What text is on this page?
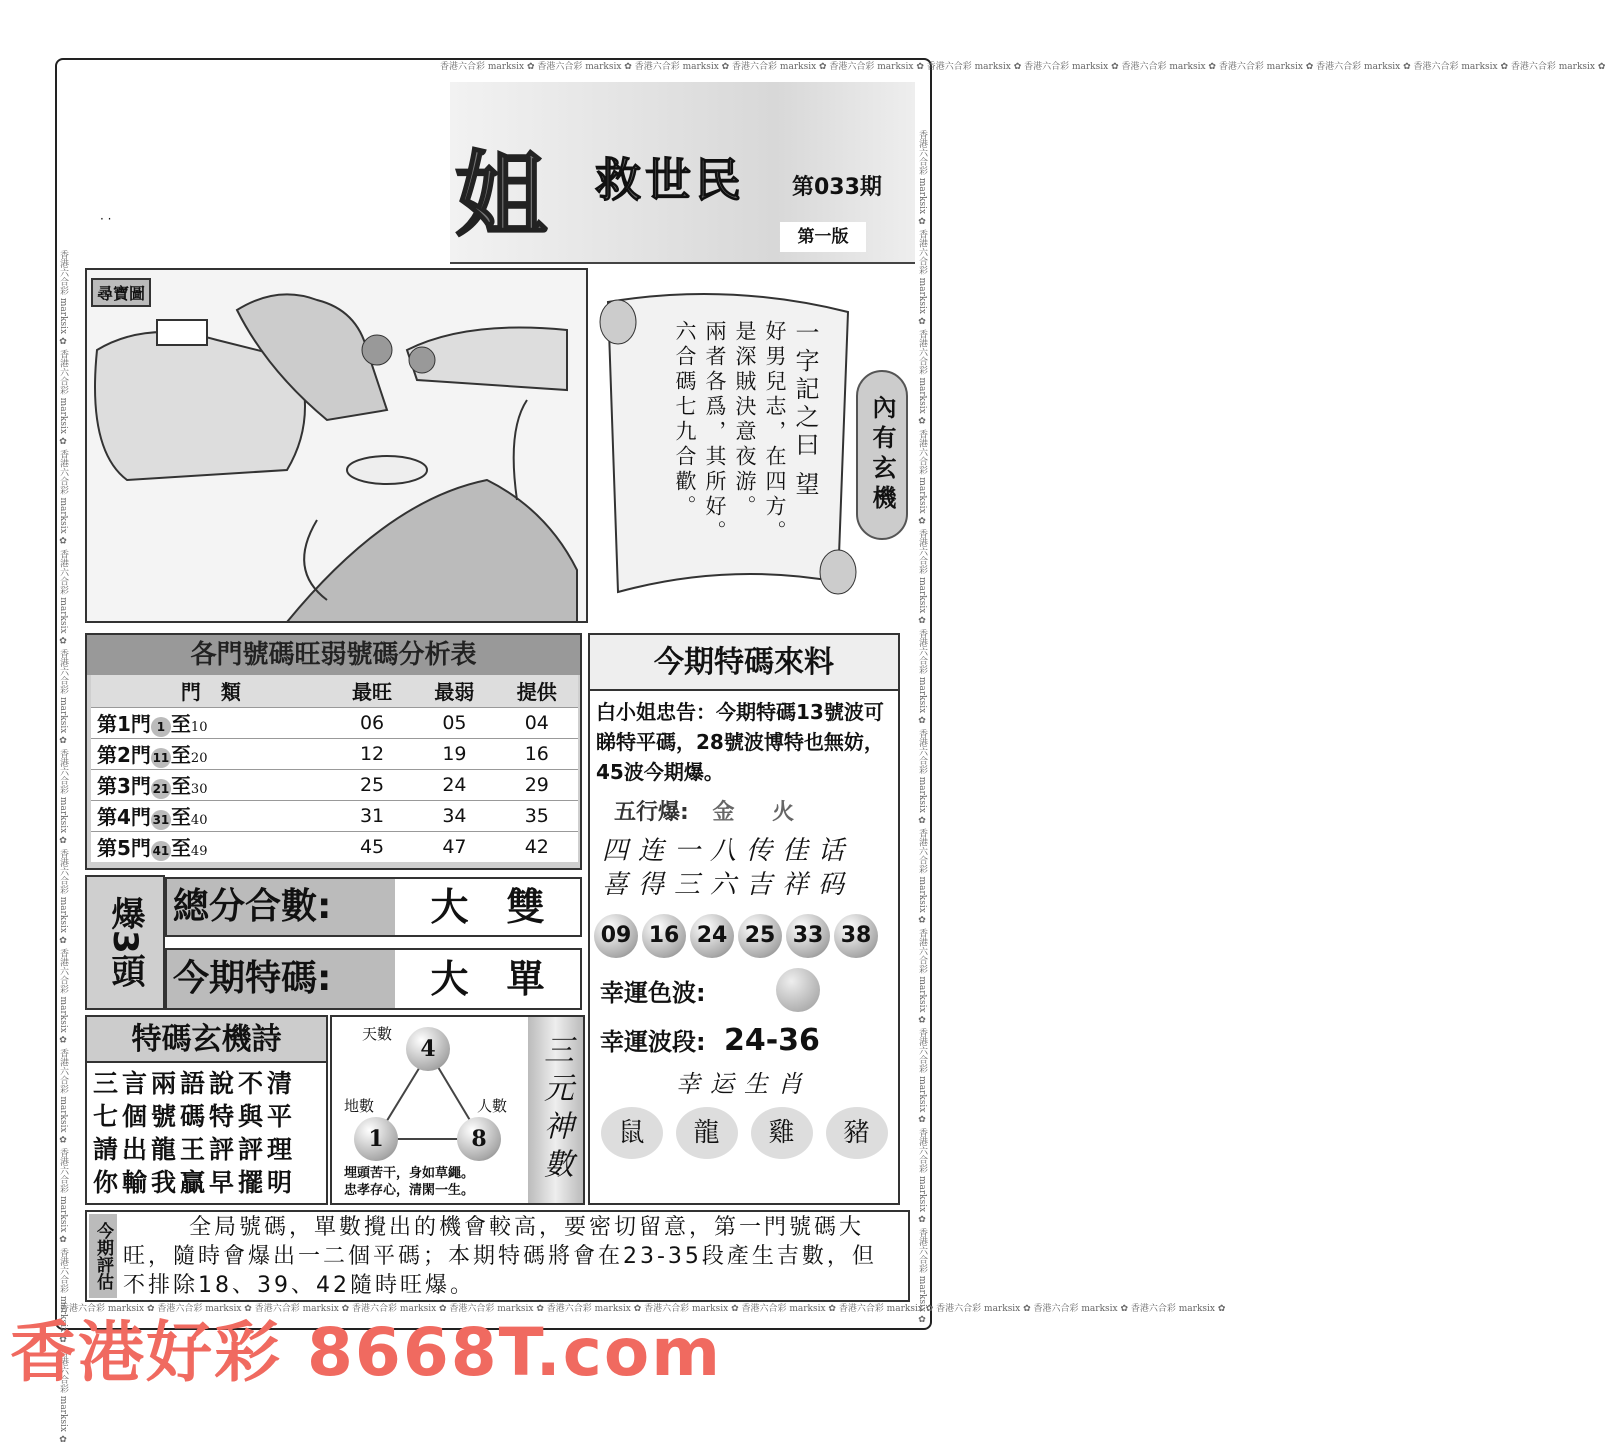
香港六合彩 marksix ✿ 香港六合彩 marksix ✿ 香港六合彩 marksix ✿ 香港六合彩 marksix ✿ 香港六合彩 marksix ✿ 香港六合彩 marksix ✿ 香港六合彩 marksix ✿ 香港六合彩 marksix ✿ 香港六合彩 marksix ✿ 香港六合彩 marksix ✿ 香港六合彩 marksix ✿ 香港六合彩 marksix ✿
香港六合彩 marksix ✿ 香港六合彩 marksix ✿ 香港六合彩 marksix ✿ 香港六合彩 marksix ✿ 香港六合彩 marksix ✿ 香港六合彩 marksix ✿ 香港六合彩 marksix ✿ 香港六合彩 marksix ✿ 香港六合彩 marksix ✿ 香港六合彩 marksix ✿ 香港六合彩 marksix ✿ 香港六合彩 marksix ✿	香港六合彩 marksix ✿ 香港六合彩 marksix ✿ 香港六合彩 marksix ✿ 香港六合彩 marksix ✿ 香港六合彩 marksix ✿ 香港六合彩 marksix ✿ 香港六合彩 marksix ✿ 香港六合彩 marksix ✿ 香港六合彩 marksix ✿ 香港六合彩 marksix ✿ 香港六合彩 marksix ✿ 香港六合彩 marksix ✿
香港六合彩 marksix ✿ 香港六合彩 marksix ✿ 香港六合彩 marksix ✿ 香港六合彩 marksix ✿ 香港六合彩 marksix ✿ 香港六合彩 marksix ✿ 香港六合彩 marksix ✿ 香港六合彩 marksix ✿ 香港六合彩 marksix ✿ 香港六合彩 marksix ✿ 香港六合彩 marksix ✿ 香港六合彩 marksix ✿
姐 救世民 第033期
第一版
· ·
尋寶圖
一字記之曰 望
好男兒志，在四方。
是深賊決意夜游。
兩者各爲，其所好。
六合碼七九合歡。	內有玄機
各門號碼旺弱號碼分析表
門　類	最旺	最弱	提供
第1門 1 至10	06	05	04
第2門 11至20	12	19	16
第3門 21至30	25	24	29
第4門 31至40	31	34	35
第5門 41至49	45	47	42
今期特碼來料
白小姐忠告：今期特碼13號波可睇特平碼，28號波博特也無妨，45波今期爆。
五行爆: 金 火
四连一八传佳话
喜得三六吉祥码
09 16 24 25 33 38
幸運色波:
幸運波段: 24-36
幸运生肖
鼠	龍	雞	豬
爆3頭 總分合數:	大　雙
今期特碼:	大　單
特碼玄機詩
三言兩語說不清
七個號碼特與平
請出龍王評評理
你輸我贏早擺明
天數
4
地數
1
人數
8
埋頭苦干，身如草繩。
忠孝存心，清閑一生。
三元神數
今期評估	全局號碼，單數攪出的機會較高，要密切留意，第一門號碼大旺，隨時會爆出一二個平碼；本期特碼將會在23-35段產生吉數，但不排除18、39、42隨時旺爆。
香港好彩 8668T.com
